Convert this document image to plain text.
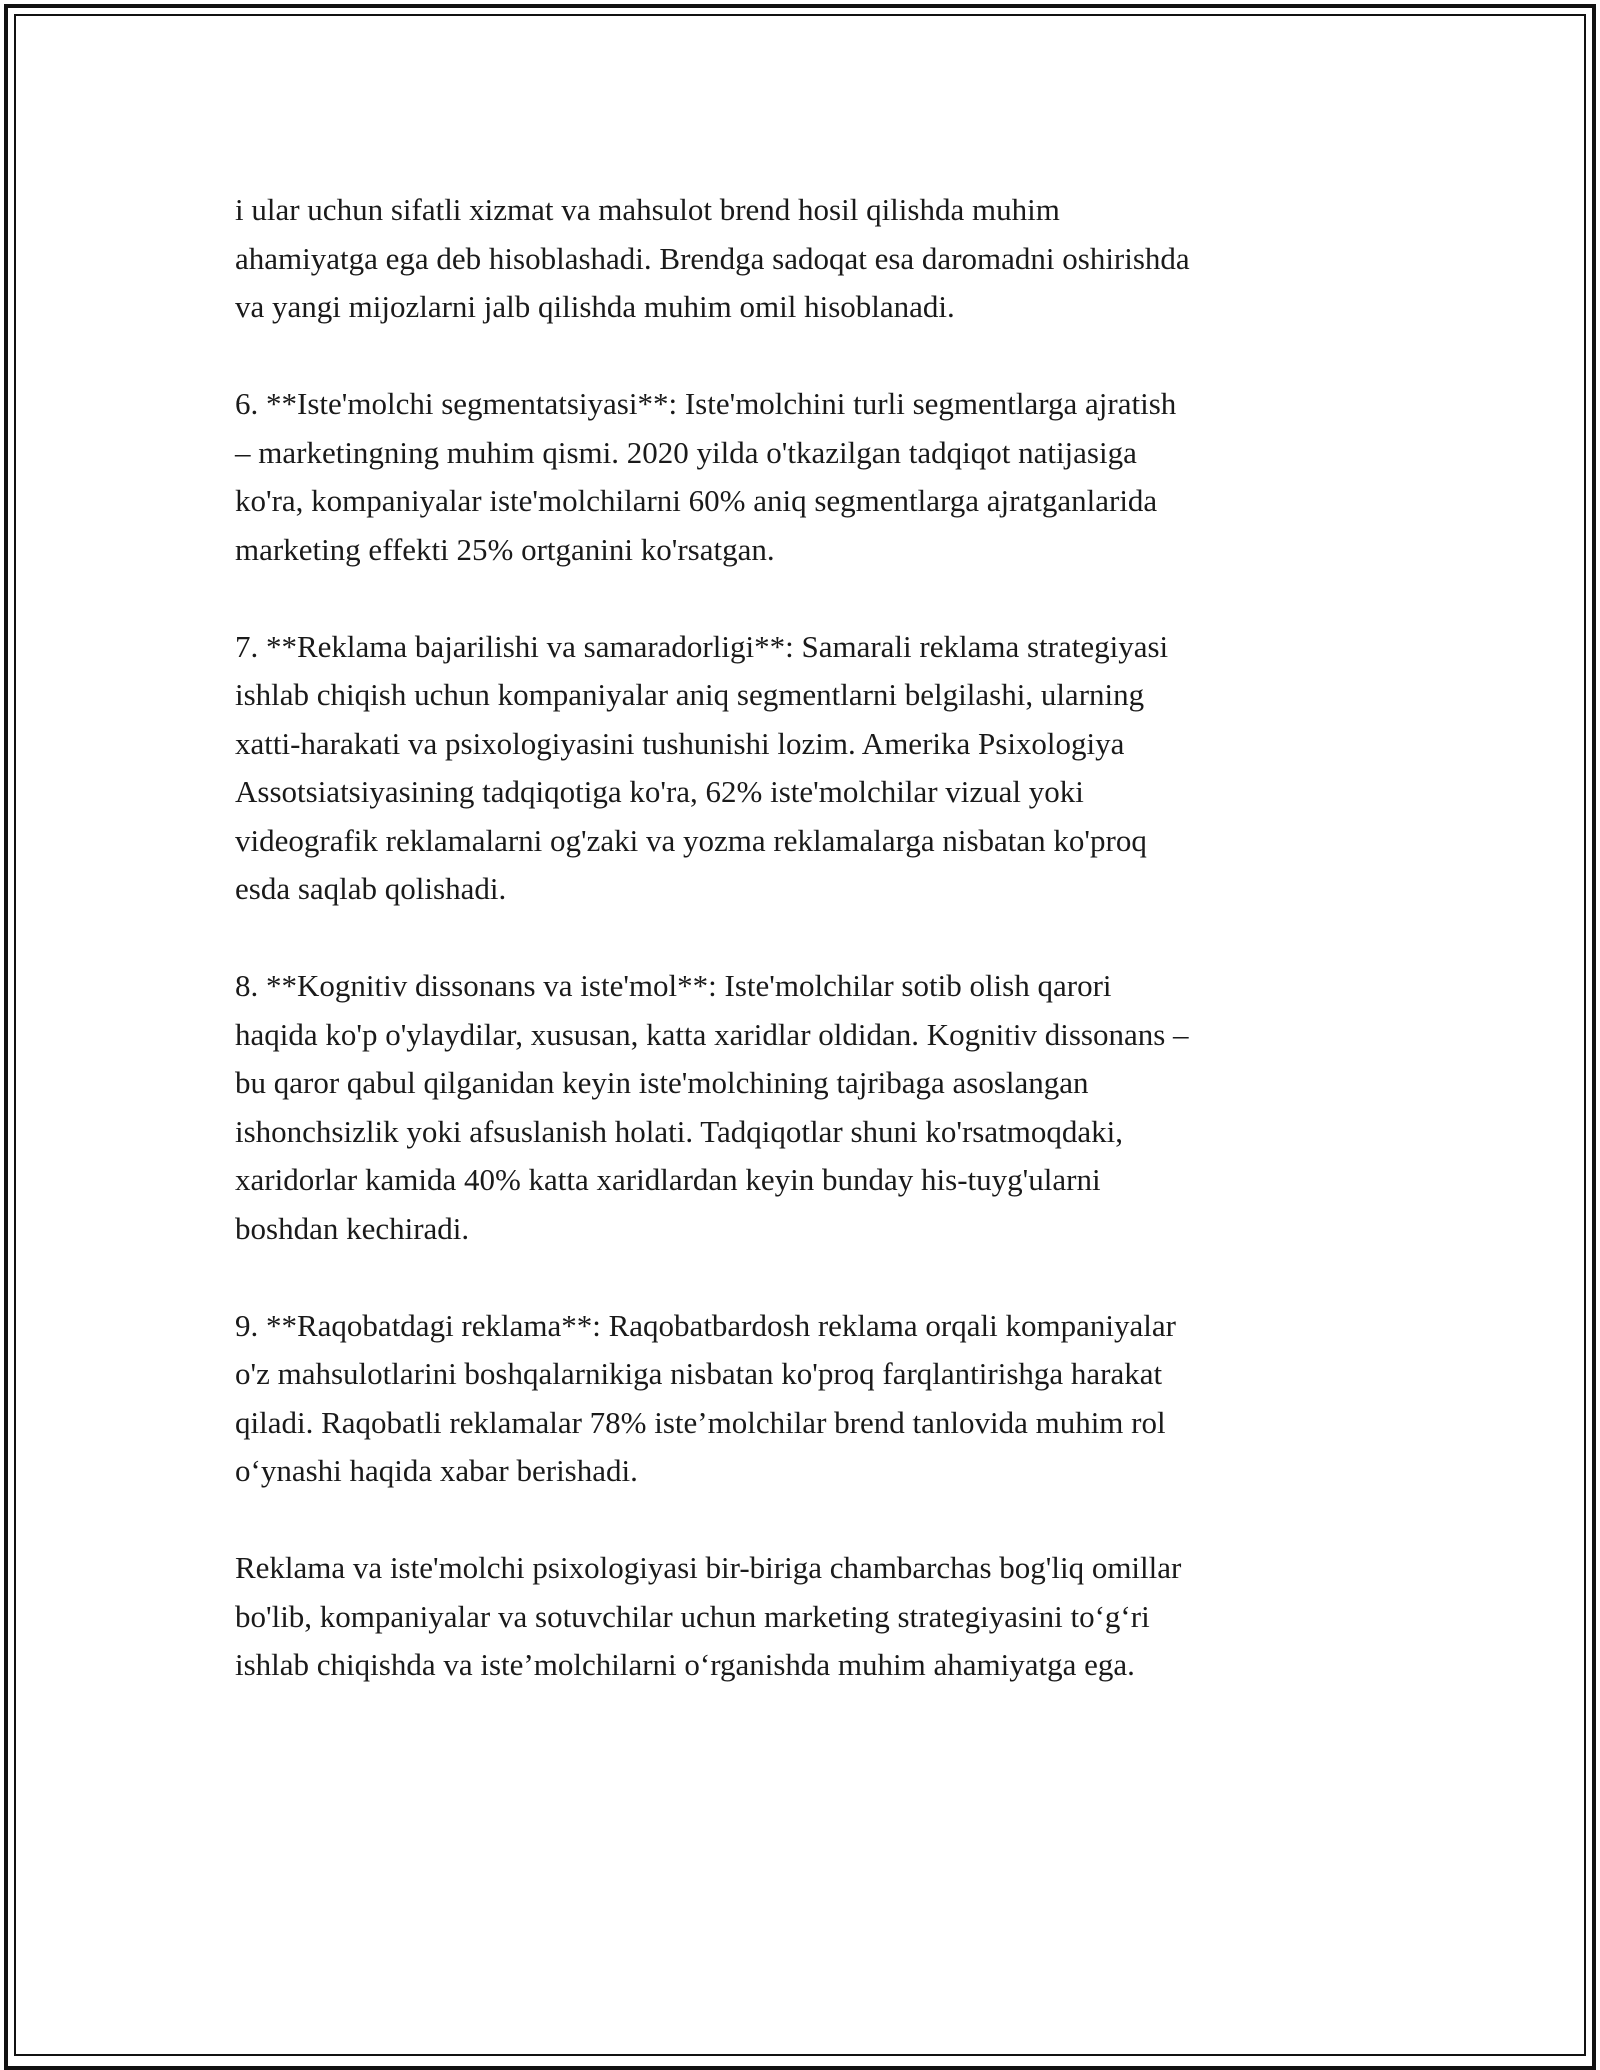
i ular uchun sifatli xizmat va mahsulot brend hosil qilishda muhim
ahamiyatga ega deb hisoblashadi. Brendga sadoqat esa daromadni oshirishda
va yangi mijozlarni jalb qilishda muhim omil hisoblanadi.

6. **Iste'molchi segmentatsiyasi**: Iste'molchini turli segmentlarga ajratish
– marketingning muhim qismi. 2020 yilda o'tkazilgan tadqiqot natijasiga
ko'ra, kompaniyalar iste'molchilarni 60% aniq segmentlarga ajratganlarida
marketing effekti 25% ortganini ko'rsatgan.

7. **Reklama bajarilishi va samaradorligi**: Samarali reklama strategiyasi
ishlab chiqish uchun kompaniyalar aniq segmentlarni belgilashi, ularning
xatti-harakati va psixologiyasini tushunishi lozim. Amerika Psixologiya
Assotsiatsiyasining tadqiqotiga ko'ra, 62% iste'molchilar vizual yoki
videografik reklamalarni og'zaki va yozma reklamalarga nisbatan ko'proq
esda saqlab qolishadi.

8. **Kognitiv dissonans va iste'mol**: Iste'molchilar sotib olish qarori
haqida ko'p o'ylaydilar, xususan, katta xaridlar oldidan. Kognitiv dissonans –
bu qaror qabul qilganidan keyin iste'molchining tajribaga asoslangan
ishonchsizlik yoki afsuslanish holati. Tadqiqotlar shuni ko'rsatmoqdaki,
xaridorlar kamida 40% katta xaridlardan keyin bunday his-tuyg'ularni
boshdan kechiradi.

9. **Raqobatdagi reklama**: Raqobatbardosh reklama orqali kompaniyalar
o'z mahsulotlarini boshqalarnikiga nisbatan ko'proq farqlantirishga harakat
qiladi. Raqobatli reklamalar 78% iste’molchilar brend tanlovida muhim rol
o‘ynashi haqida xabar berishadi.

Reklama va iste'molchi psixologiyasi bir-biriga chambarchas bog'liq omillar
bo'lib, kompaniyalar va sotuvchilar uchun marketing strategiyasini to‘g‘ri
ishlab chiqishda va iste’molchilarni o‘rganishda muhim ahamiyatga ega.
